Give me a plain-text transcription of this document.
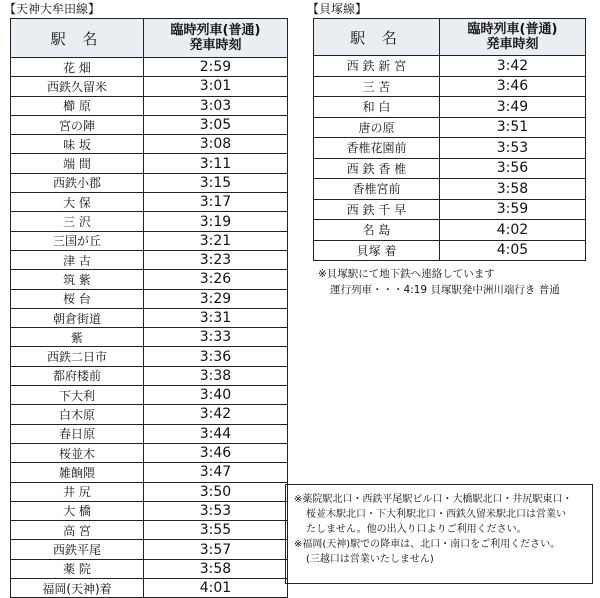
【天神大牟田線】	【貝塚線】
駅 名	臨時列車(普通)
発車時刻

花 畑	2:59
西鉄久留米	3:01
櫛 原	3:03
宮の陣	3:05
味 坂	3:08
端 間	3:11
西鉄小郡	3:15
大 保	3:17
三 沢	3:19
三国が丘	3:21
津 古	3:23
筑 紫	3:26
桜 台	3:29
朝倉街道	3:31
紫	3:33
西鉄二日市	3:36
都府楼前	3:38
下大利	3:40
白木原	3:42
春日原	3:44
桜並木	3:46
雑餉隈	3:47
井 尻	3:50
大 橋	3:53
高 宮	3:55
西鉄平尾	3:57
薬 院	3:58
福岡(天神)着	4:01
駅 名	臨時列車(普通)
発車時刻

西 鉄 新 宮	3:42
三 苫	3:46
和 白	3:49
唐の原	3:51
香椎花園前	3:53
西 鉄 香 椎	3:56
香椎宮前	3:58
西 鉄 千 早	3:59
名 島	4:02
貝塚 着	4:05
※貝塚駅にて地下鉄へ連絡しています
運行列車・・・4:19 貝塚駅発中洲川端行き 普通
※薬院駅北口・西鉄平尾駅ビル口・大橋駅北口・井尻駅東口・
桜並木駅北口・下大利駅北口・西鉄久留米駅北口は営業い
たしません。他の出入り口よりご利用ください。
※福岡(天神)駅での降車は、北口・南口をご利用ください。
(三越口は営業いたしません)
